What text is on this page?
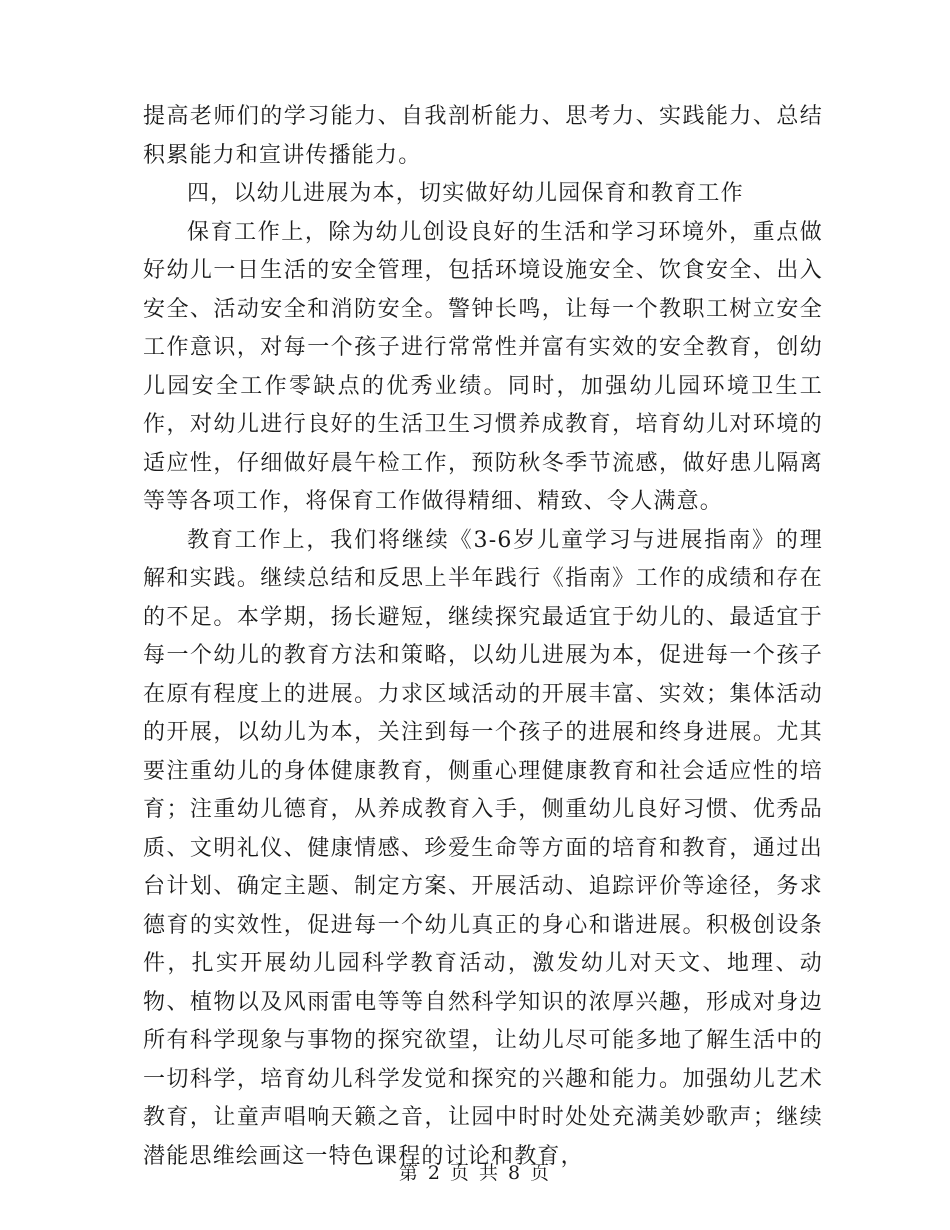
提高老师们的学习能力、自我剖析能力、思考力、实践能力、总结积累能力和宣讲传播能力。

四，以幼儿进展为本，切实做好幼儿园保育和教育工作

保育工作上，除为幼儿创设良好的生活和学习环境外，重点做好幼儿一日生活的安全管理，包括环境设施安全、饮食安全、出入安全、活动安全和消防安全。警钟长鸣，让每一个教职工树立安全工作意识，对每一个孩子进行常常性并富有实效的安全教育，创幼儿园安全工作零缺点的优秀业绩。同时，加强幼儿园环境卫生工作，对幼儿进行良好的生活卫生习惯养成教育，培育幼儿对环境的适应性，仔细做好晨午检工作，预防秋冬季节流感，做好患儿隔离等等各项工作，将保育工作做得精细、精致、令人满意。

教育工作上，我们将继续《3-6岁儿童学习与进展指南》的理解和实践。继续总结和反思上半年践行《指南》工作的成绩和存在的不足。本学期，扬长避短，继续探究最适宜于幼儿的、最适宜于每一个幼儿的教育方法和策略，以幼儿进展为本，促进每一个孩子在原有程度上的进展。力求区域活动的开展丰富、实效；集体活动的开展，以幼儿为本，关注到每一个孩子的进展和终身进展。尤其要注重幼儿的身体健康教育，侧重心理健康教育和社会适应性的培育；注重幼儿德育，从养成教育入手，侧重幼儿良好习惯、优秀品质、文明礼仪、健康情感、珍爱生命等方面的培育和教育，通过出台计划、确定主题、制定方案、开展活动、追踪评价等途径，务求德育的实效性，促进每一个幼儿真正的身心和谐进展。积极创设条件，扎实开展幼儿园科学教育活动，激发幼儿对天文、地理、动物、植物以及风雨雷电等等自然科学知识的浓厚兴趣，形成对身边所有科学现象与事物的探究欲望，让幼儿尽可能多地了解生活中的一切科学，培育幼儿科学发觉和探究的兴趣和能力。加强幼儿艺术教育，让童声唱响天籁之音，让园中时时处处充满美妙歌声；继续潜能思维绘画这一特色课程的讨论和教育，

第 2 页 共 8 页
